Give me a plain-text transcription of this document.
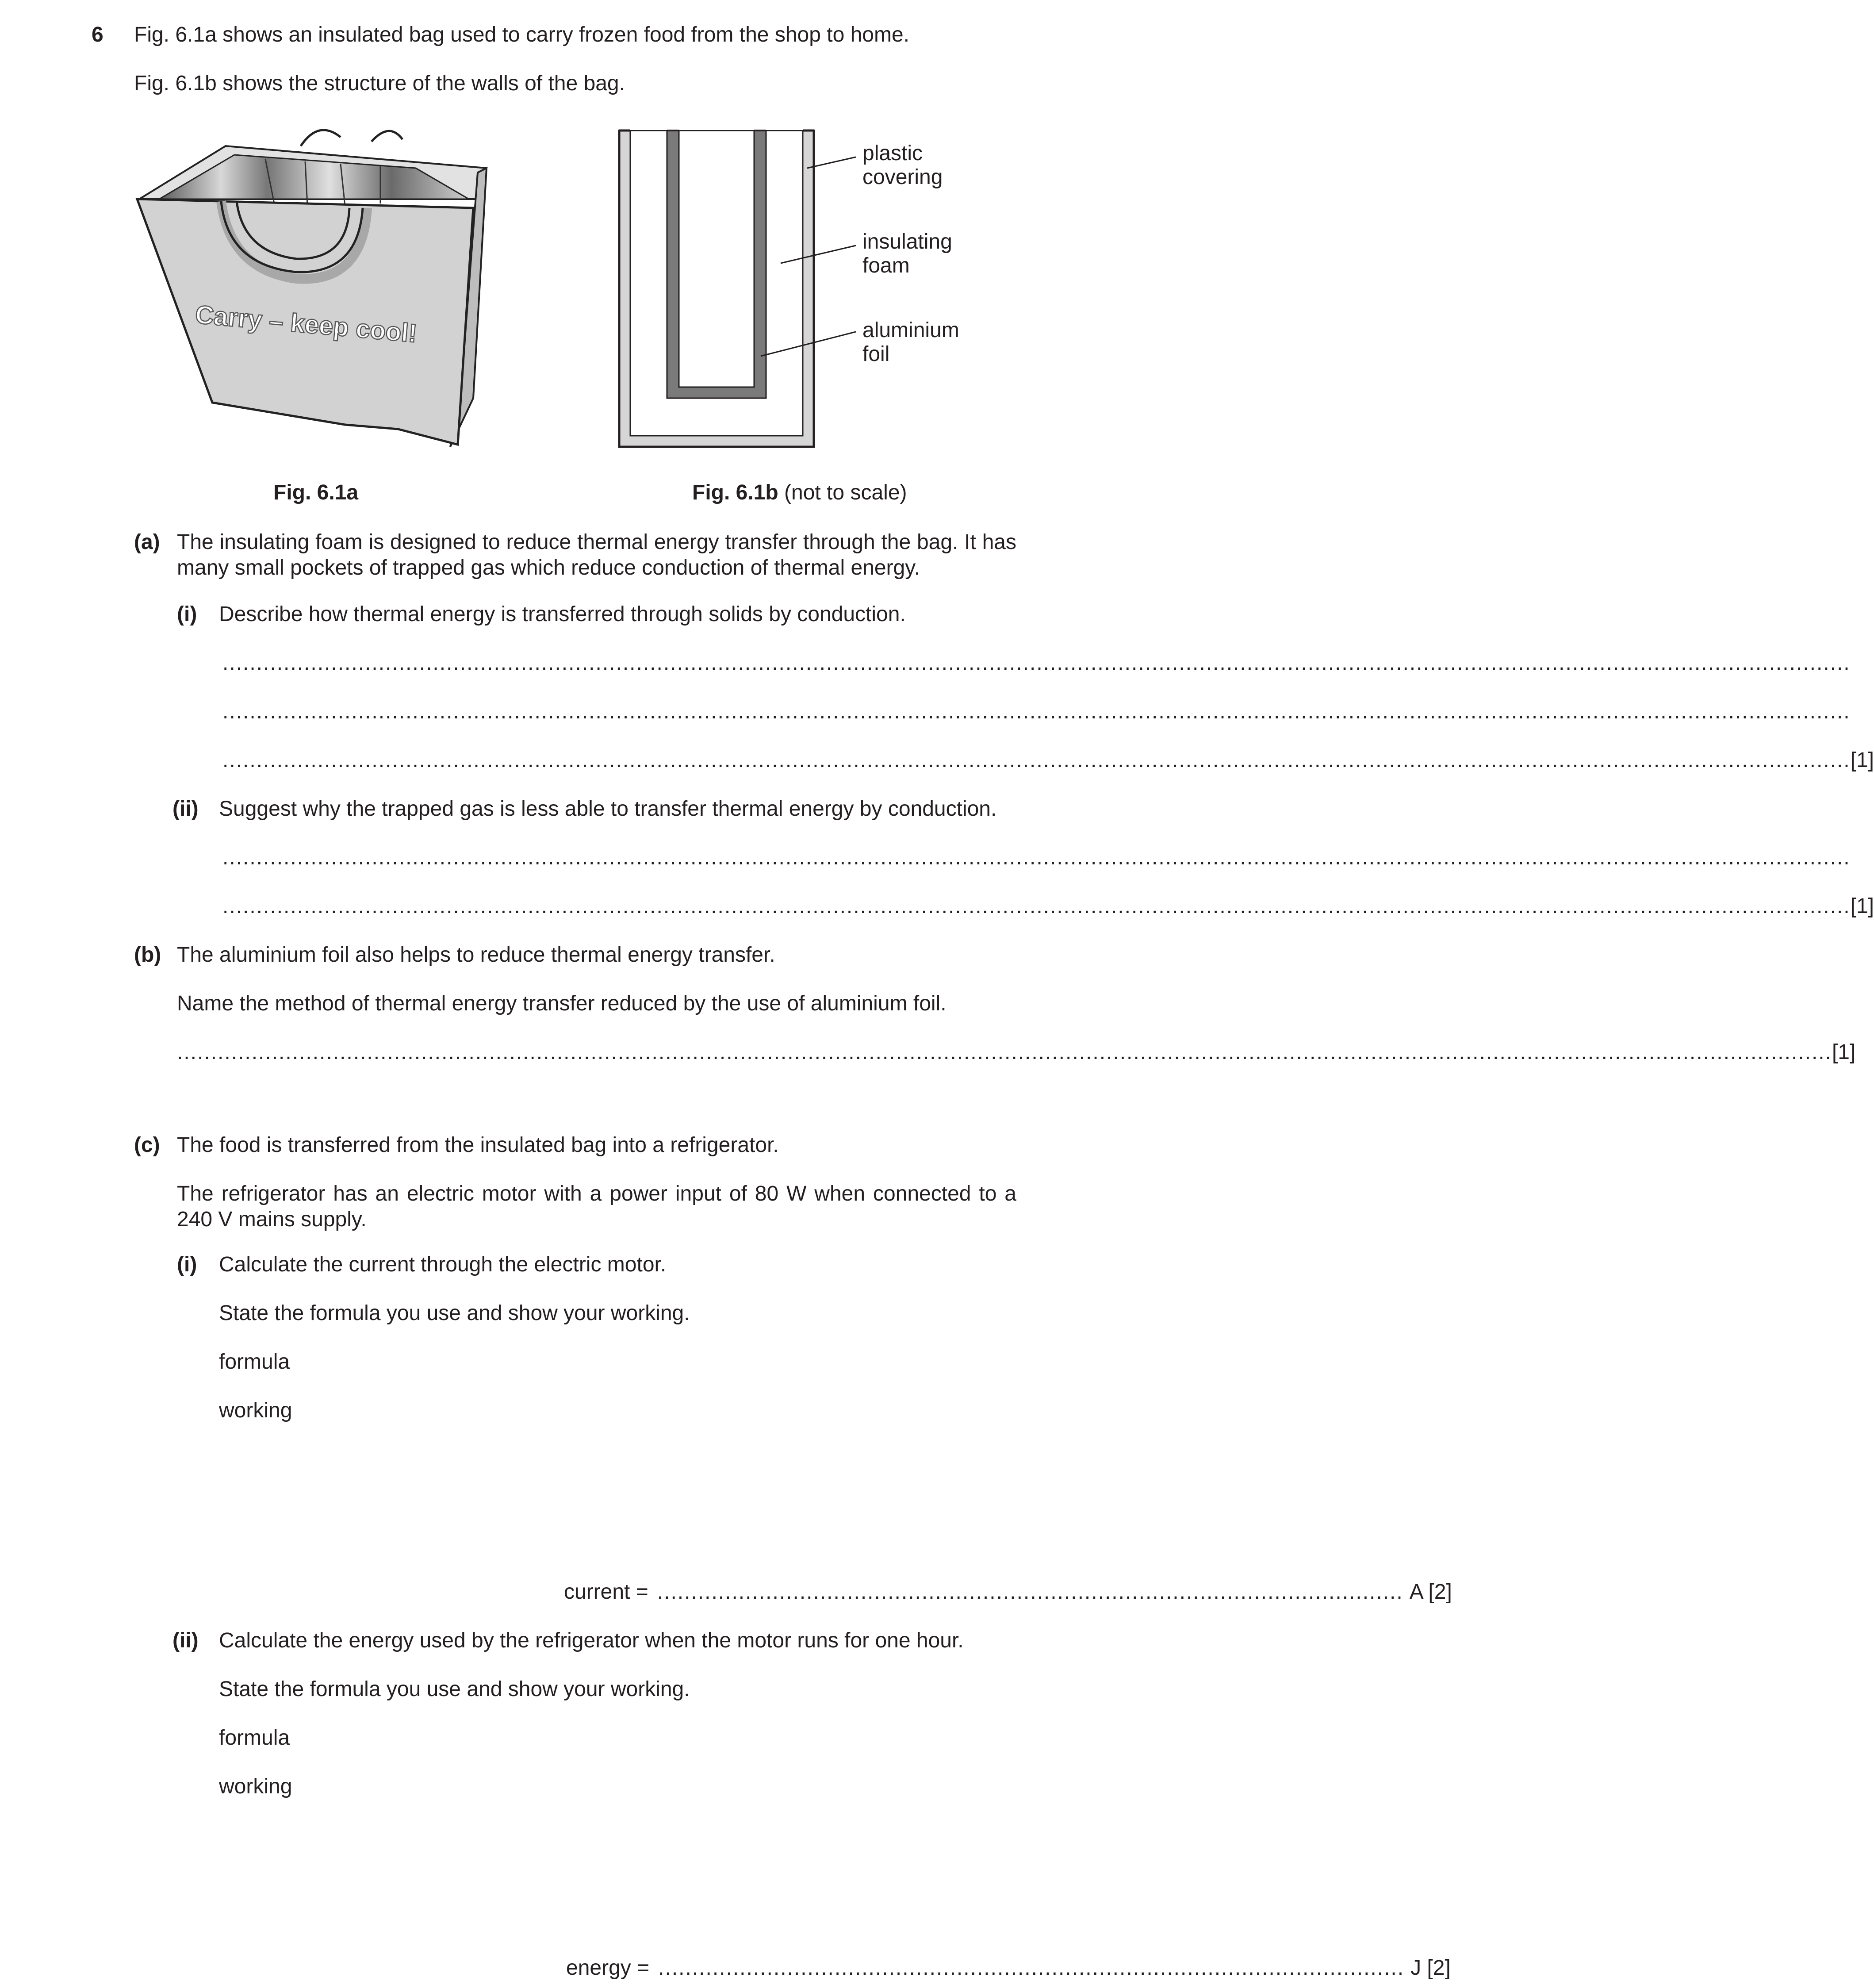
6 Fig. 6.1a shows an insulated bag used to carry frozen food from the shop to home.
Fig. 6.1b shows the structure of the walls of the bag.
Carry – keep cool!
plastic
covering
insulating
foam
aluminium
foil
Fig. 6.1a	Fig. 6.1b (not to scale)
(a) The insulating foam is designed to reduce thermal energy transfer through the bag. It has many small pockets of trapped gas which reduce conduction of thermal energy.
(i) Describe how thermal energy is transferred through solids by conduction.
................................................................................................................................................................................................................................................
................................................................................................................................................................................................................................................
................................................................................................................................................................................................................................................ [1]
(ii) Suggest why the trapped gas is less able to transfer thermal energy by conduction.
................................................................................................................................................................................................................................................
................................................................................................................................................................................................................................................ [1]
(b) The aluminium foil also helps to reduce thermal energy transfer.
Name the method of thermal energy transfer reduced by the use of aluminium foil.
.................................................................................................................................................................................................................................................... [1]
(c) The food is transferred from the insulated bag into a refrigerator.
The refrigerator has an electric motor with a power input of 80 W when connected to a 240 V mains supply.
(i) Calculate the current through the electric motor.
State the formula you use and show your working.
formula
working
current = .............................................................................................................. A [2]
(ii) Calculate the energy used by the refrigerator when the motor runs for one hour.
State the formula you use and show your working.
formula
working
energy = .............................................................................................................. J [2]
